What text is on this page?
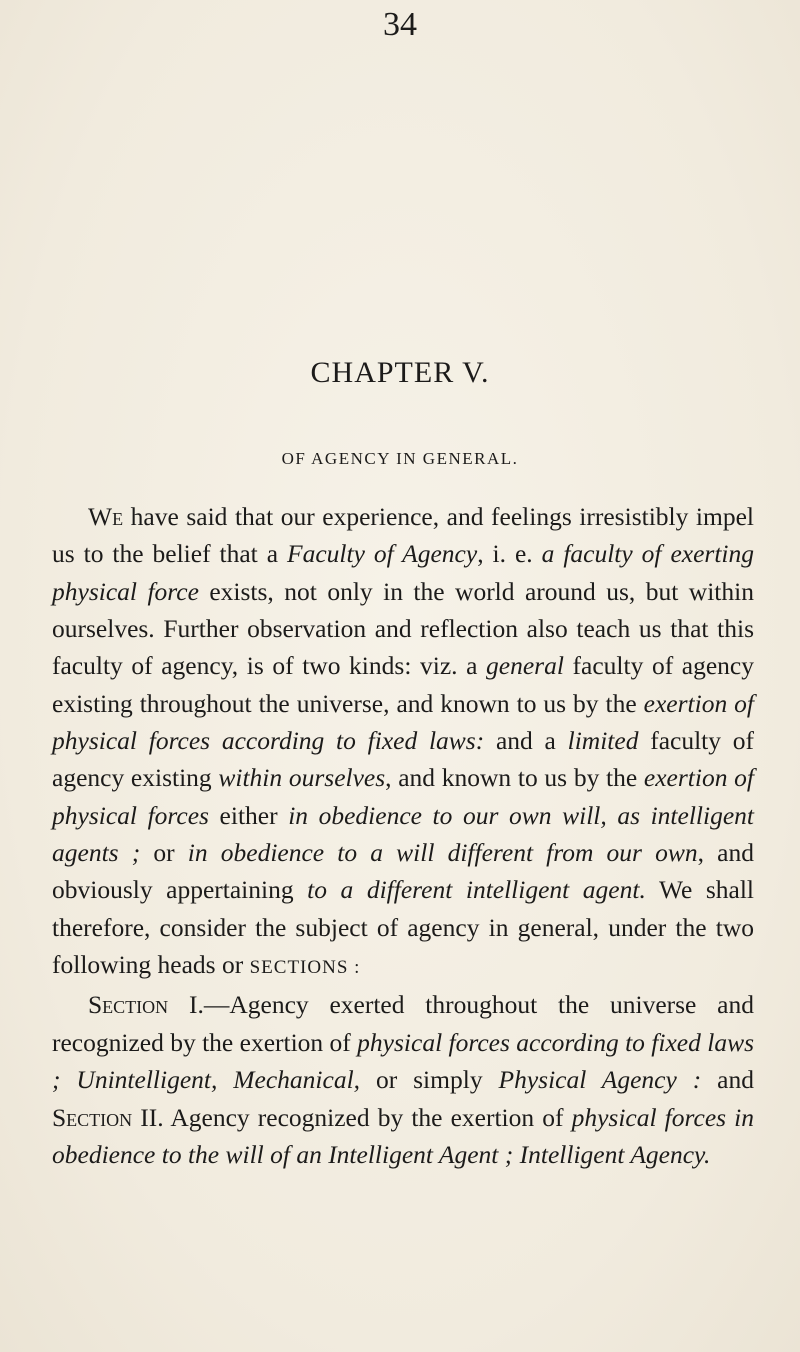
34
CHAPTER V.
OF AGENCY IN GENERAL.

We have said that our experience, and feelings irresistibly impel us to the belief that a Faculty of Agency, i. e. a faculty of exerting physical force exists, not only in the world around us, but within ourselves. Further observation and reflection also teach us that this faculty of agency, is of two kinds: viz. a general faculty of agency existing throughout the universe, and known to us by the exertion of physical forces according to fixed laws: and a limited faculty of agency existing within ourselves, and known to us by the exertion of physical forces either in obedience to our own will, as intelligent agents ; or in obedience to a will different from our own, and obviously appertaining to a different intelligent agent. We shall therefore, consider the subject of agency in general, under the two following heads or SECTIONS :

Section I.—Agency exerted throughout the universe and recognized by the exertion of physical forces according to fixed laws ; Unintelligent, Mechanical, or simply Physical Agency : and Section II. Agency recognized by the exertion of physical forces in obedience to the will of an Intelligent Agent ; Intelligent Agency.
